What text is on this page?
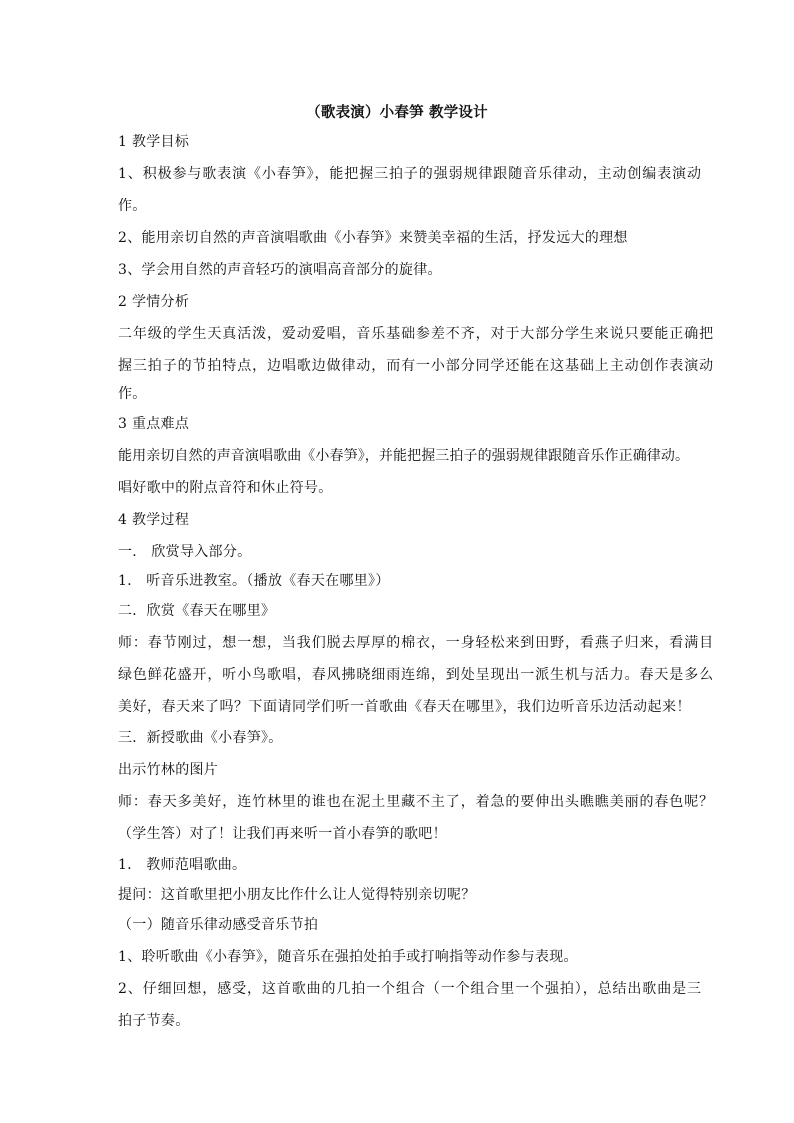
（歌表演）小春笋 教学设计
1 教学目标
1、积极参与歌表演《小春笋》，能把握三拍子的强弱规律跟随音乐律动，主动创编表演动
作。
2、能用亲切自然的声音演唱歌曲《小春笋》来赞美幸福的生活，抒发远大的理想
3、学会用自然的声音轻巧的演唱高音部分的旋律。
2 学情分析
二年级的学生天真活泼，爱动爱唱，音乐基础参差不齐，对于大部分学生来说只要能正确把
握三拍子的节拍特点，边唱歌边做律动，而有一小部分同学还能在这基础上主动创作表演动
作。
3 重点难点
能用亲切自然的声音演唱歌曲《小春笋》，并能把握三拍子的强弱规律跟随音乐作正确律动。
唱好歌中的附点音符和休止符号。
4 教学过程
一． 欣赏导入部分。
1． 听音乐进教室。（播放《春天在哪里》）
二．欣赏《春天在哪里》
师：春节刚过，想一想，当我们脱去厚厚的棉衣，一身轻松来到田野，看燕子归来，看满目
绿色鲜花盛开，听小鸟歌唱，春风拂晓细雨连绵，到处呈现出一派生机与活力。春天是多么
美好，春天来了吗？下面请同学们听一首歌曲《春天在哪里》，我们边听音乐边活动起来！
三．新授歌曲《小春笋》。
出示竹林的图片
师：春天多美好，连竹林里的谁也在泥土里藏不主了，着急的要伸出头瞧瞧美丽的春色呢？
（学生答）对了！让我们再来听一首小春笋的歌吧！
1． 教师范唱歌曲。
提问：这首歌里把小朋友比作什么让人觉得特别亲切呢？
（一）随音乐律动感受音乐节拍
1、聆听歌曲《小春笋》，随音乐在强拍处拍手或打响指等动作参与表现。
2、仔细回想，感受，这首歌曲的几拍一个组合（一个组合里一个强拍），总结出歌曲是三
拍子节奏。
